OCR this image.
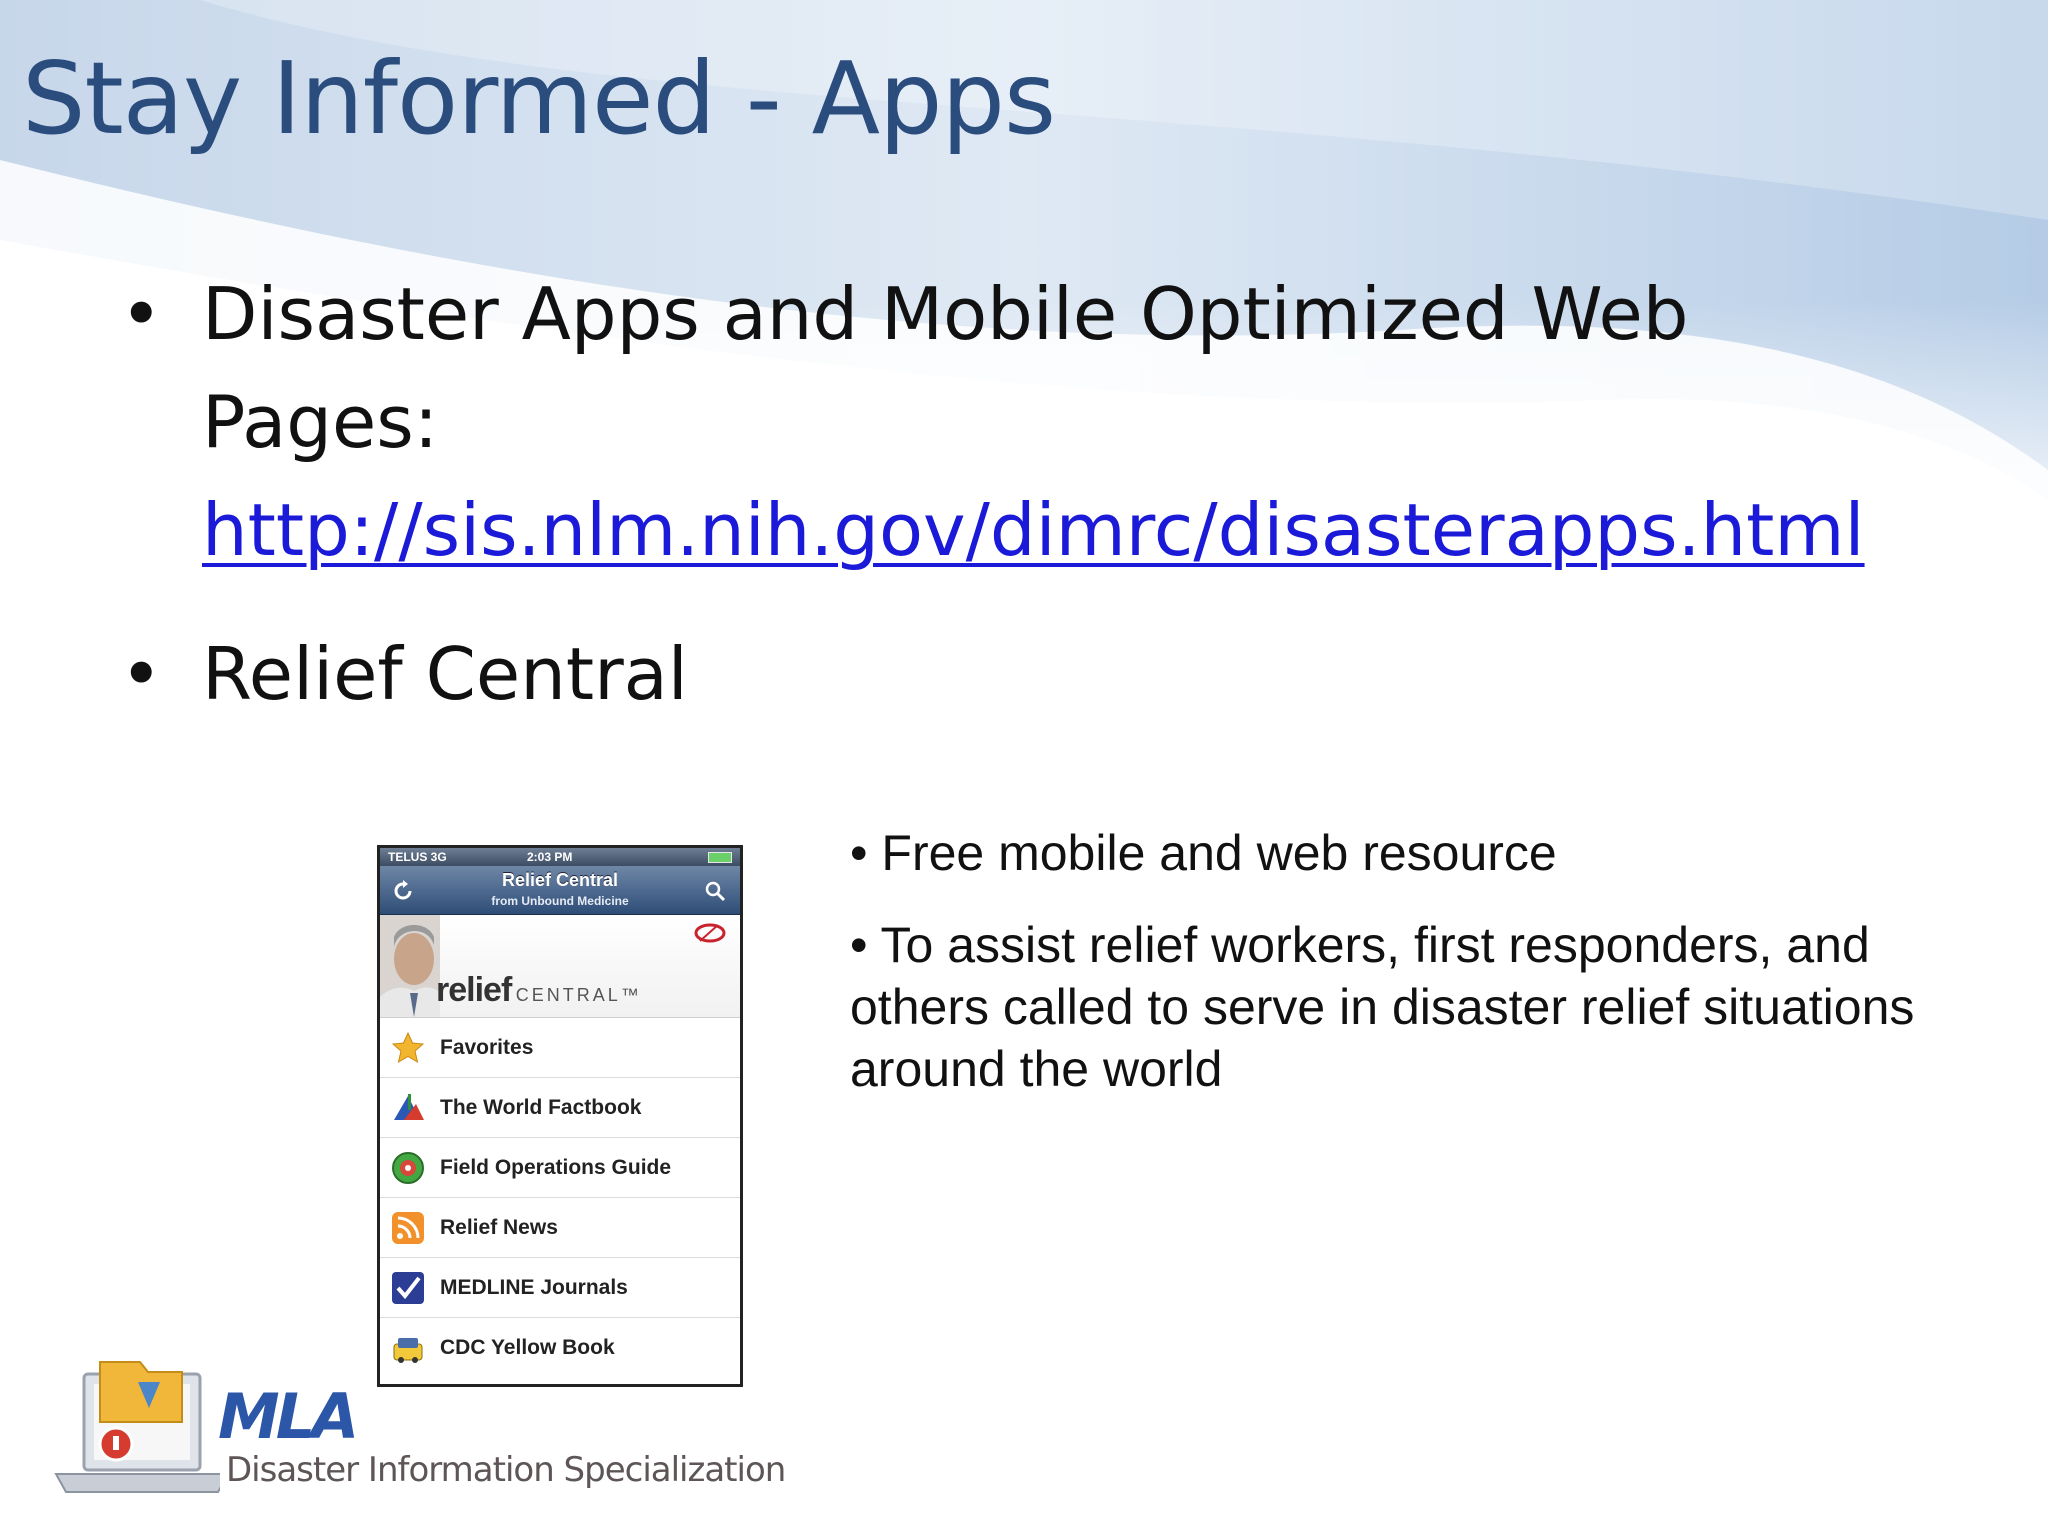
Stay Informed - Apps
• Disaster Apps and Mobile Optimized Web Pages:
http://sis.nlm.nih.gov/dimrc/disasterapps.html
• Relief Central
TELUS 3G	2:03 PM
Relief Central
from Unbound Medicine
relief CENTRAL™
Favorites
The World Factbook
Field Operations Guide
Relief News
MEDLINE Journals
CDC Yellow Book
• Free mobile and web resource
• To assist relief workers, first responders, and others called to serve in disaster relief situations around the world
MLA
Disaster Information Specialization
